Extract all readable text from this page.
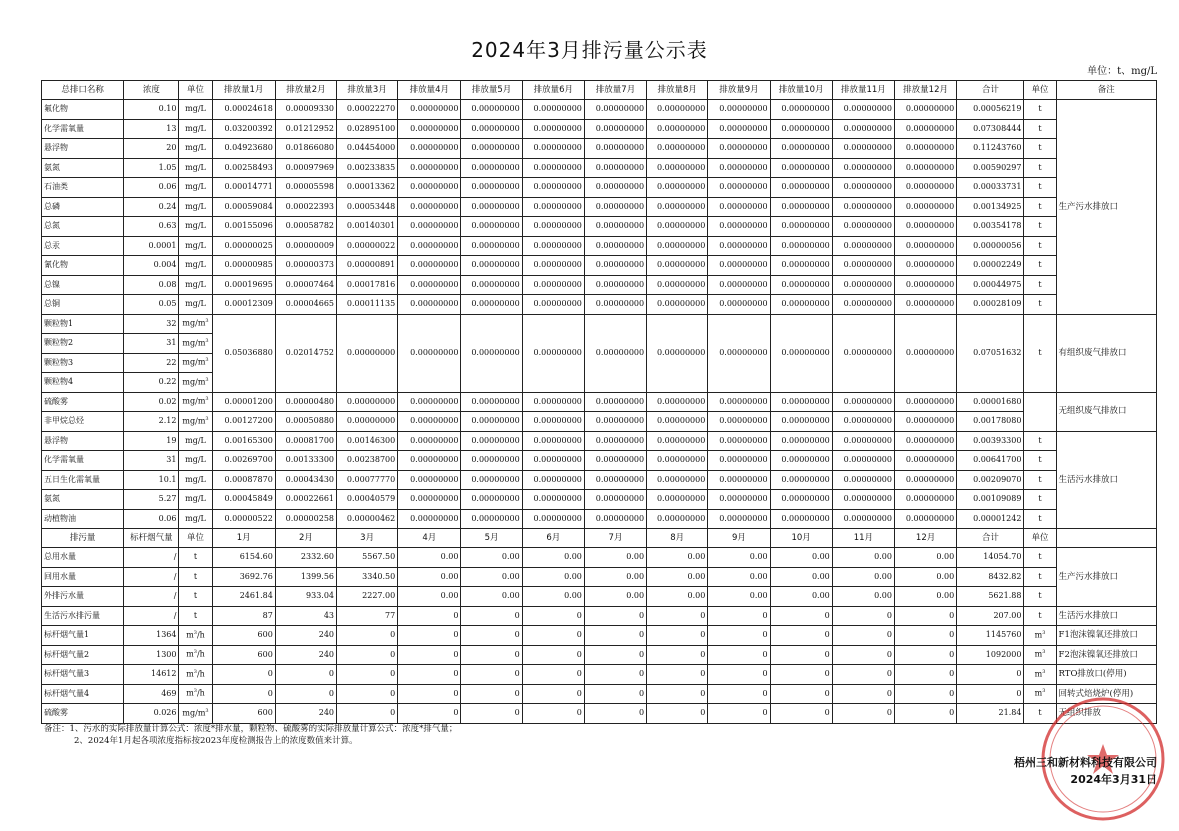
2024年3月排污量公示表
单位：t、mg/L
总排口名称	浓度	单位	排放量1月	排放量2月	排放量3月	排放量4月	排放量5月	排放量6月	排放量7月	排放量8月	排放量9月	排放量10月	排放量11月	排放量12月	合计	单位	备注
氟化物	0.10	mg/L	0.00024618	0.00009330	0.00022270	0.00000000	0.00000000	0.00000000	0.00000000	0.00000000	0.00000000	0.00000000	0.00000000	0.00000000	0.00056219	t	生产污水排放口
化学需氧量	13	mg/L	0.03200392	0.01212952	0.02895100	0.00000000	0.00000000	0.00000000	0.00000000	0.00000000	0.00000000	0.00000000	0.00000000	0.00000000	0.07308444	t	
悬浮物	20	mg/L	0.04923680	0.01866080	0.04454000	0.00000000	0.00000000	0.00000000	0.00000000	0.00000000	0.00000000	0.00000000	0.00000000	0.00000000	0.11243760	t	
氨氮	1.05	mg/L	0.00258493	0.00097969	0.00233835	0.00000000	0.00000000	0.00000000	0.00000000	0.00000000	0.00000000	0.00000000	0.00000000	0.00000000	0.00590297	t	
石油类	0.06	mg/L	0.00014771	0.00005598	0.00013362	0.00000000	0.00000000	0.00000000	0.00000000	0.00000000	0.00000000	0.00000000	0.00000000	0.00000000	0.00033731	t	
总磷	0.24	mg/L	0.00059084	0.00022393	0.00053448	0.00000000	0.00000000	0.00000000	0.00000000	0.00000000	0.00000000	0.00000000	0.00000000	0.00000000	0.00134925	t	
总氮	0.63	mg/L	0.00155096	0.00058782	0.00140301	0.00000000	0.00000000	0.00000000	0.00000000	0.00000000	0.00000000	0.00000000	0.00000000	0.00000000	0.00354178	t	
总汞	0.0001	mg/L	0.00000025	0.00000009	0.00000022	0.00000000	0.00000000	0.00000000	0.00000000	0.00000000	0.00000000	0.00000000	0.00000000	0.00000000	0.00000056	t	
氰化物	0.004	mg/L	0.00000985	0.00000373	0.00000891	0.00000000	0.00000000	0.00000000	0.00000000	0.00000000	0.00000000	0.00000000	0.00000000	0.00000000	0.00002249	t	
总镍	0.08	mg/L	0.00019695	0.00007464	0.00017816	0.00000000	0.00000000	0.00000000	0.00000000	0.00000000	0.00000000	0.00000000	0.00000000	0.00000000	0.00044975	t	
总铜	0.05	mg/L	0.00012309	0.00004665	0.00011135	0.00000000	0.00000000	0.00000000	0.00000000	0.00000000	0.00000000	0.00000000	0.00000000	0.00000000	0.00028109	t	
颗粒物1	32	$mg/m^3$	0.05036880	0.02014752	0.00000000	0.00000000	0.00000000	0.00000000	0.00000000	0.00000000	0.00000000	0.00000000	0.00000000	0.00000000	0.07051632	t	有组织废气排放口
颗粒物2	31	$mg/m^3$
颗粒物3	22	$mg/m^3$
颗粒物4	0.22	$mg/m^3$
硫酸雾	0.02	$mg/m^3$	0.00001200	0.00000480	0.00000000	0.00000000	0.00000000	0.00000000	0.00000000	0.00000000	0.00000000	0.00000000	0.00000000	0.00000000	0.00001680		无组织废气排放口
非甲烷总烃	2.12	$mg/m^3$	0.00127200	0.00050880	0.00000000	0.00000000	0.00000000	0.00000000	0.00000000	0.00000000	0.00000000	0.00000000	0.00000000	0.00000000	0.00178080		
悬浮物	19	mg/L	0.00165300	0.00081700	0.00146300	0.00000000	0.00000000	0.00000000	0.00000000	0.00000000	0.00000000	0.00000000	0.00000000	0.00000000	0.00393300	t	生活污水排放口
化学需氧量	31	mg/L	0.00269700	0.00133300	0.00238700	0.00000000	0.00000000	0.00000000	0.00000000	0.00000000	0.00000000	0.00000000	0.00000000	0.00000000	0.00641700	t	
五日生化需氧量	10.1	mg/L	0.00087870	0.00043430	0.00077770	0.00000000	0.00000000	0.00000000	0.00000000	0.00000000	0.00000000	0.00000000	0.00000000	0.00000000	0.00209070	t	
氨氮	5.27	mg/L	0.00045849	0.00022661	0.00040579	0.00000000	0.00000000	0.00000000	0.00000000	0.00000000	0.00000000	0.00000000	0.00000000	0.00000000	0.00109089	t	
动植物油	0.06	mg/L	0.00000522	0.00000258	0.00000462	0.00000000	0.00000000	0.00000000	0.00000000	0.00000000	0.00000000	0.00000000	0.00000000	0.00000000	0.00001242	t	
排污量	标杆烟气量	单位	1月	2月	3月	4月	5月	6月	7月	8月	9月	10月	11月	12月	合计	单位	
总用水量	/	t	6154.60	2332.60	5567.50	0.00	0.00	0.00	0.00	0.00	0.00	0.00	0.00	0.00	14054.70	t	生产污水排放口
回用水量	/	t	3692.76	1399.56	3340.50	0.00	0.00	0.00	0.00	0.00	0.00	0.00	0.00	0.00	8432.82	t	
外排污水量	/	t	2461.84	933.04	2227.00	0.00	0.00	0.00	0.00	0.00	0.00	0.00	0.00	0.00	5621.88	t	
生活污水排污量	/	t	87	43	77	0	0	0	0	0	0	0	0	0	207.00	t	生活污水排放口
标杆烟气量1	1364	$m^3/h$	600	240	0	0	0	0	0	0	0	0	0	0	1145760	$m^3$	F1泡沫镍氧还排放口
标杆烟气量2	1300	$m^3/h$	600	240	0	0	0	0	0	0	0	0	0	0	1092000	$m^3$	F2泡沫镍氧还排放口
标杆烟气量3	14612	$m^3/h$	0	0	0	0	0	0	0	0	0	0	0	0	0	$m^3$	RTO排放口(停用)
标杆烟气量4	469	$m^3/h$	0	0	0	0	0	0	0	0	0	0	0	0	0	$m^3$	回转式焙烧炉(停用)
硫酸雾	0.026	$mg/m^3$	600	240	0	0	0	0	0	0	0	0	0	0	21.84	t	无组织排放
备注：1、污水的实际排放量计算公式：浓度*排水量，颗粒物、硫酸雾的实际排放量计算公式：浓度*排气量；
2、2024年1月起各项浓度指标按2023年度检测报告上的浓度数值来计算。
梧州三和新材料科技有限公司
2024年3月31日
